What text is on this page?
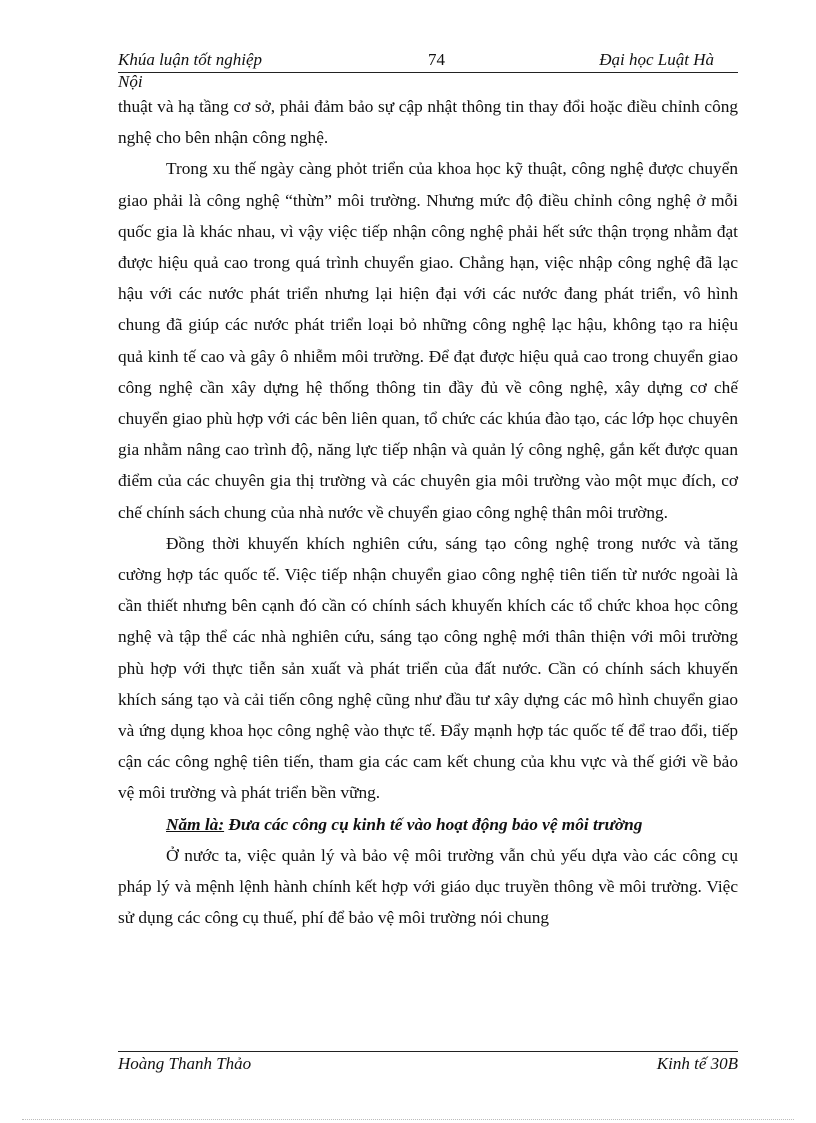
Khúa luận tốt nghiệp	74	Đại học Luật Hà
Nội

thuật và hạ tầng cơ sở, phải đảm bảo sự cập nhật thông tin thay đổi hoặc điều chỉnh công nghệ cho bên nhận công nghệ.

Trong xu thế ngày càng phỏt triển của khoa học kỹ thuật, công nghệ được chuyển giao phải là công nghệ “thừn” môi trường. Nhưng mức độ điều chỉnh công nghệ ở mỗi quốc gia là khác nhau, vì vậy việc tiếp nhận công nghệ phải hết sức thận trọng nhằm đạt được hiệu quả cao trong quá trình chuyển giao. Chẳng hạn, việc nhập công nghệ đã lạc hậu với các nước phát triển nhưng lại hiện đại với các nước đang phát triển, vô hình chung đã giúp các nước phát triển loại bỏ những công nghệ lạc hậu, không tạo ra hiệu quả kinh tế cao và gây ô nhiễm môi trường. Để đạt được hiệu quả cao trong chuyển giao công nghệ cần xây dựng hệ thống thông tin đầy đủ về công nghệ, xây dựng cơ chế chuyển giao phù hợp với các bên liên quan, tổ chức các khúa đào tạo, các lớp học chuyên gia nhằm nâng cao trình độ, năng lực tiếp nhận và quản lý công nghệ, gắn kết được quan điểm của các chuyên gia thị trường và các chuyên gia môi trường vào một mục đích, cơ chế chính sách chung của nhà nước về chuyển giao công nghệ thân môi trường.

Đồng thời khuyến khích nghiên cứu, sáng tạo công nghệ trong nước và tăng cường hợp tác quốc tế. Việc tiếp nhận chuyển giao công nghệ tiên tiến từ nước ngoài là cần thiết nhưng bên cạnh đó cần có chính sách khuyến khích các tổ chức khoa học công nghệ và tập thể các nhà nghiên cứu, sáng tạo công nghệ mới thân thiện với môi trường phù hợp với thực tiễn sản xuất và phát triển của đất nước. Cần có chính sách khuyến khích sáng tạo và cải tiến công nghệ cũng như đầu tư xây dựng các mô hình chuyển giao và ứng dụng khoa học công nghệ vào thực tế. Đẩy mạnh hợp tác quốc tế để trao đổi, tiếp cận các công nghệ tiên tiến, tham gia các cam kết chung của khu vực và thế giới về bảo vệ môi trường và phát triển bền vững.

Năm là: Đưa các công cụ kinh tế vào hoạt động bảo vệ môi trường

Ở nước ta, việc quản lý và bảo vệ môi trường vẫn chủ yếu dựa vào các công cụ pháp lý và mệnh lệnh hành chính kết hợp với giáo dục truyền thông về môi trường. Việc sử dụng các công cụ thuế, phí để bảo vệ môi trường nói chung

Hoàng Thanh Thảo	Kinh tế 30B
